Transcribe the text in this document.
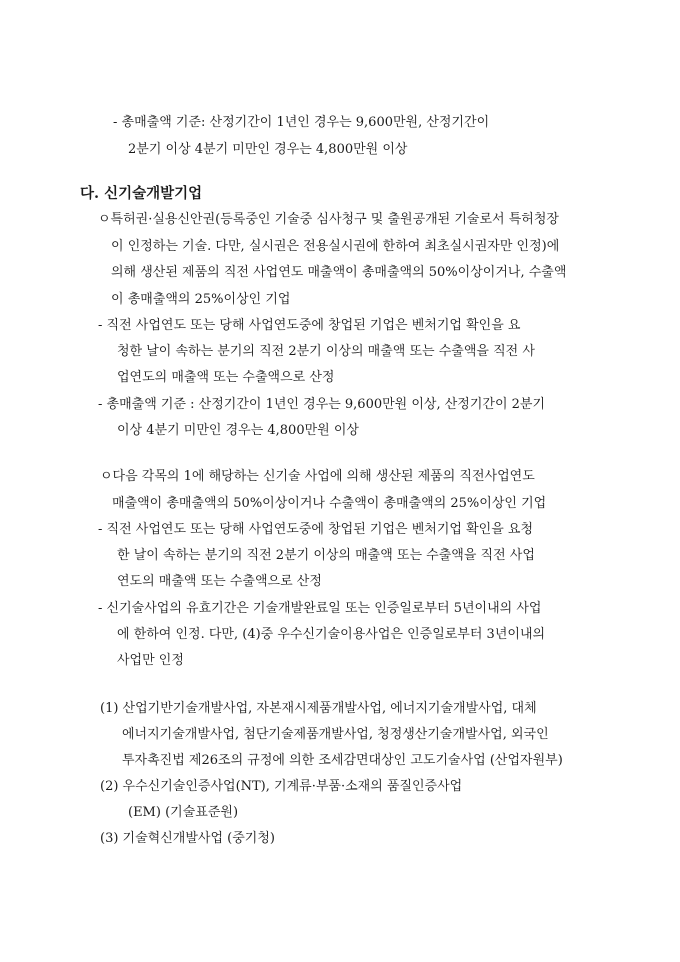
- 총매출액 기준: 산정기간이 1년인 경우는 9,600만원, 산정기간이
2분기 이상 4분기 미만인 경우는 4,800만원 이상
다. 신기술개발기업
ㅇ특허권·실용신안권(등록중인 기술중 심사청구 및 출원공개된 기술로서 특허청장
이 인정하는 기술. 다만, 실시권은 전용실시권에 한하여 최초실시권자만 인정)에
의해 생산된 제품의 직전 사업연도 매출액이 총매출액의 50%이상이거나, 수출액
이 총매출액의 25%이상인 기업
- 직전 사업연도 또는 당해 사업연도중에 창업된 기업은 벤처기업 확인을 요
청한 날이 속하는 분기의 직전 2분기 이상의 매출액 또는 수출액을 직전 사
업연도의 매출액 또는 수출액으로 산정
- 총매출액 기준 : 산정기간이 1년인 경우는 9,600만원 이상, 산정기간이 2분기
이상 4분기 미만인 경우는 4,800만원 이상
ㅇ다음 각목의 1에 해당하는 신기술 사업에 의해 생산된 제품의 직전사업연도
매출액이 총매출액의 50%이상이거나 수출액이 총매출액의 25%이상인 기업
- 직전 사업연도 또는 당해 사업연도중에 창업된 기업은 벤처기업 확인을 요청
한 날이 속하는 분기의 직전 2분기 이상의 매출액 또는 수출액을 직전 사업
연도의 매출액 또는 수출액으로 산정
- 신기술사업의 유효기간은 기술개발완료일 또는 인증일로부터 5년이내의 사업
에 한하여 인정. 다만, (4)중 우수신기술이용사업은 인증일로부터 3년이내의
사업만 인정
(1) 산업기반기술개발사업, 자본재시제품개발사업, 에너지기술개발사업, 대체
에너지기술개발사업, 첨단기술제품개발사업, 청정생산기술개발사업, 외국인
투자촉진법 제26조의 규정에 의한 조세감면대상인 고도기술사업 (산업자원부)
(2) 우수신기술인증사업(NT), 기계류·부품·소재의 품질인증사업
(EM) (기술표준원)
(3) 기술혁신개발사업 (중기청)
